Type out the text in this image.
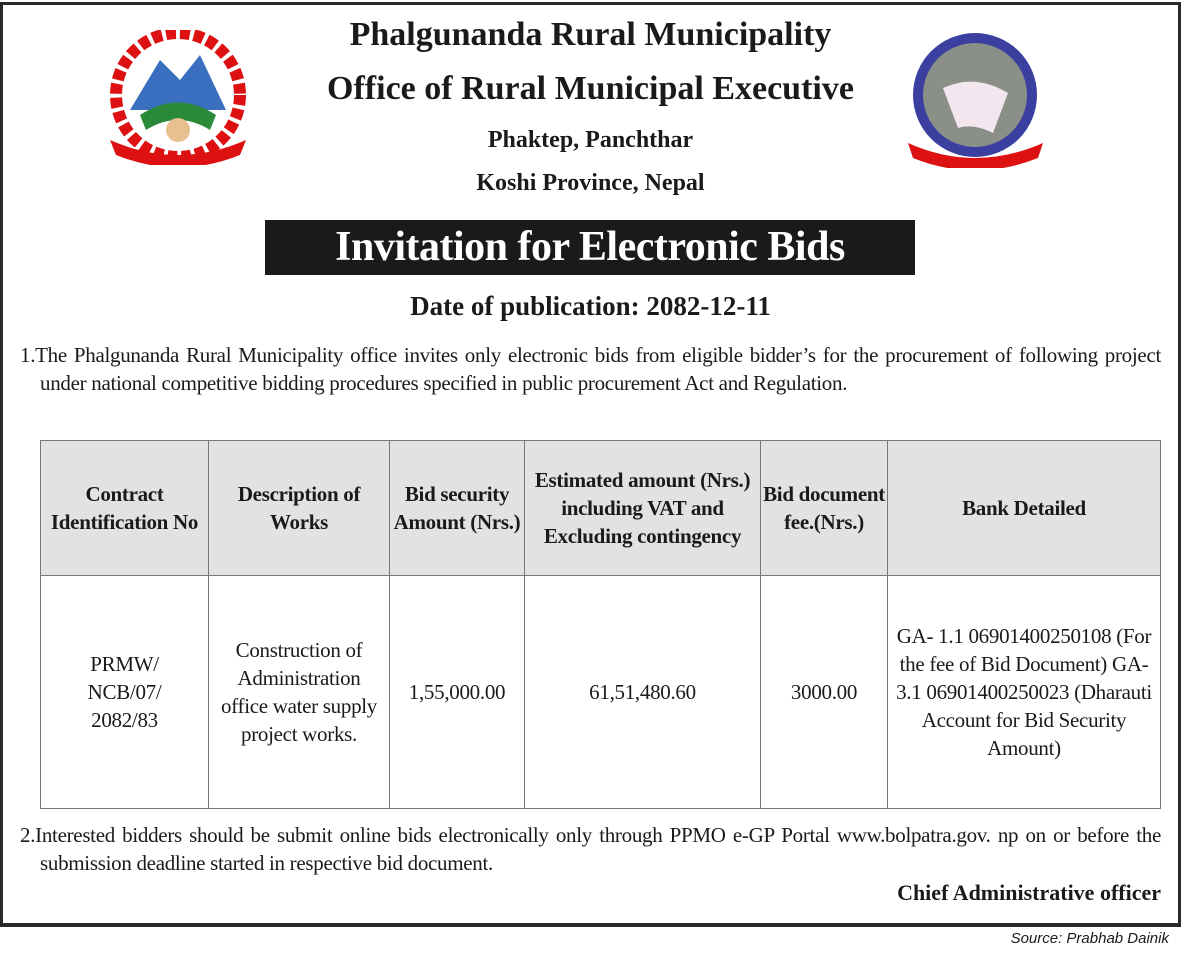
Phalgunanda Rural Municipality
Office of Rural Municipal Executive
Phaktep, Panchthar
Koshi Province, Nepal
Invitation for Electronic Bids
Date of publication: 2082-12-11
1.The Phalgunanda Rural Municipality office invites only electronic bids from eligible bidder’s for the procurement of following project under national competitive bidding procedures specified in public procurement Act and Regulation.
Contract Identification No	Description of Works	Bid security Amount (Nrs.)	Estimated amount (Nrs.) including VAT and Excluding contingency	Bid document fee.(Nrs.)	Bank Detailed
PRMW/ NCB/07/ 2082/83	Construction of Administration office water supply project works.	1,55,000.00	61,51,480.60	3000.00	GA- 1.1 06901400250108 (For the fee of Bid Document) GA- 3.1 06901400250023 (Dharauti Account for Bid Security Amount)
2.Interested bidders should be submit online bids electronically only through PPMO e-GP Portal www.bolpatra.gov. np on or before the submission deadline started in respective bid document.
Chief Administrative officer
Source: Prabhab Dainik
